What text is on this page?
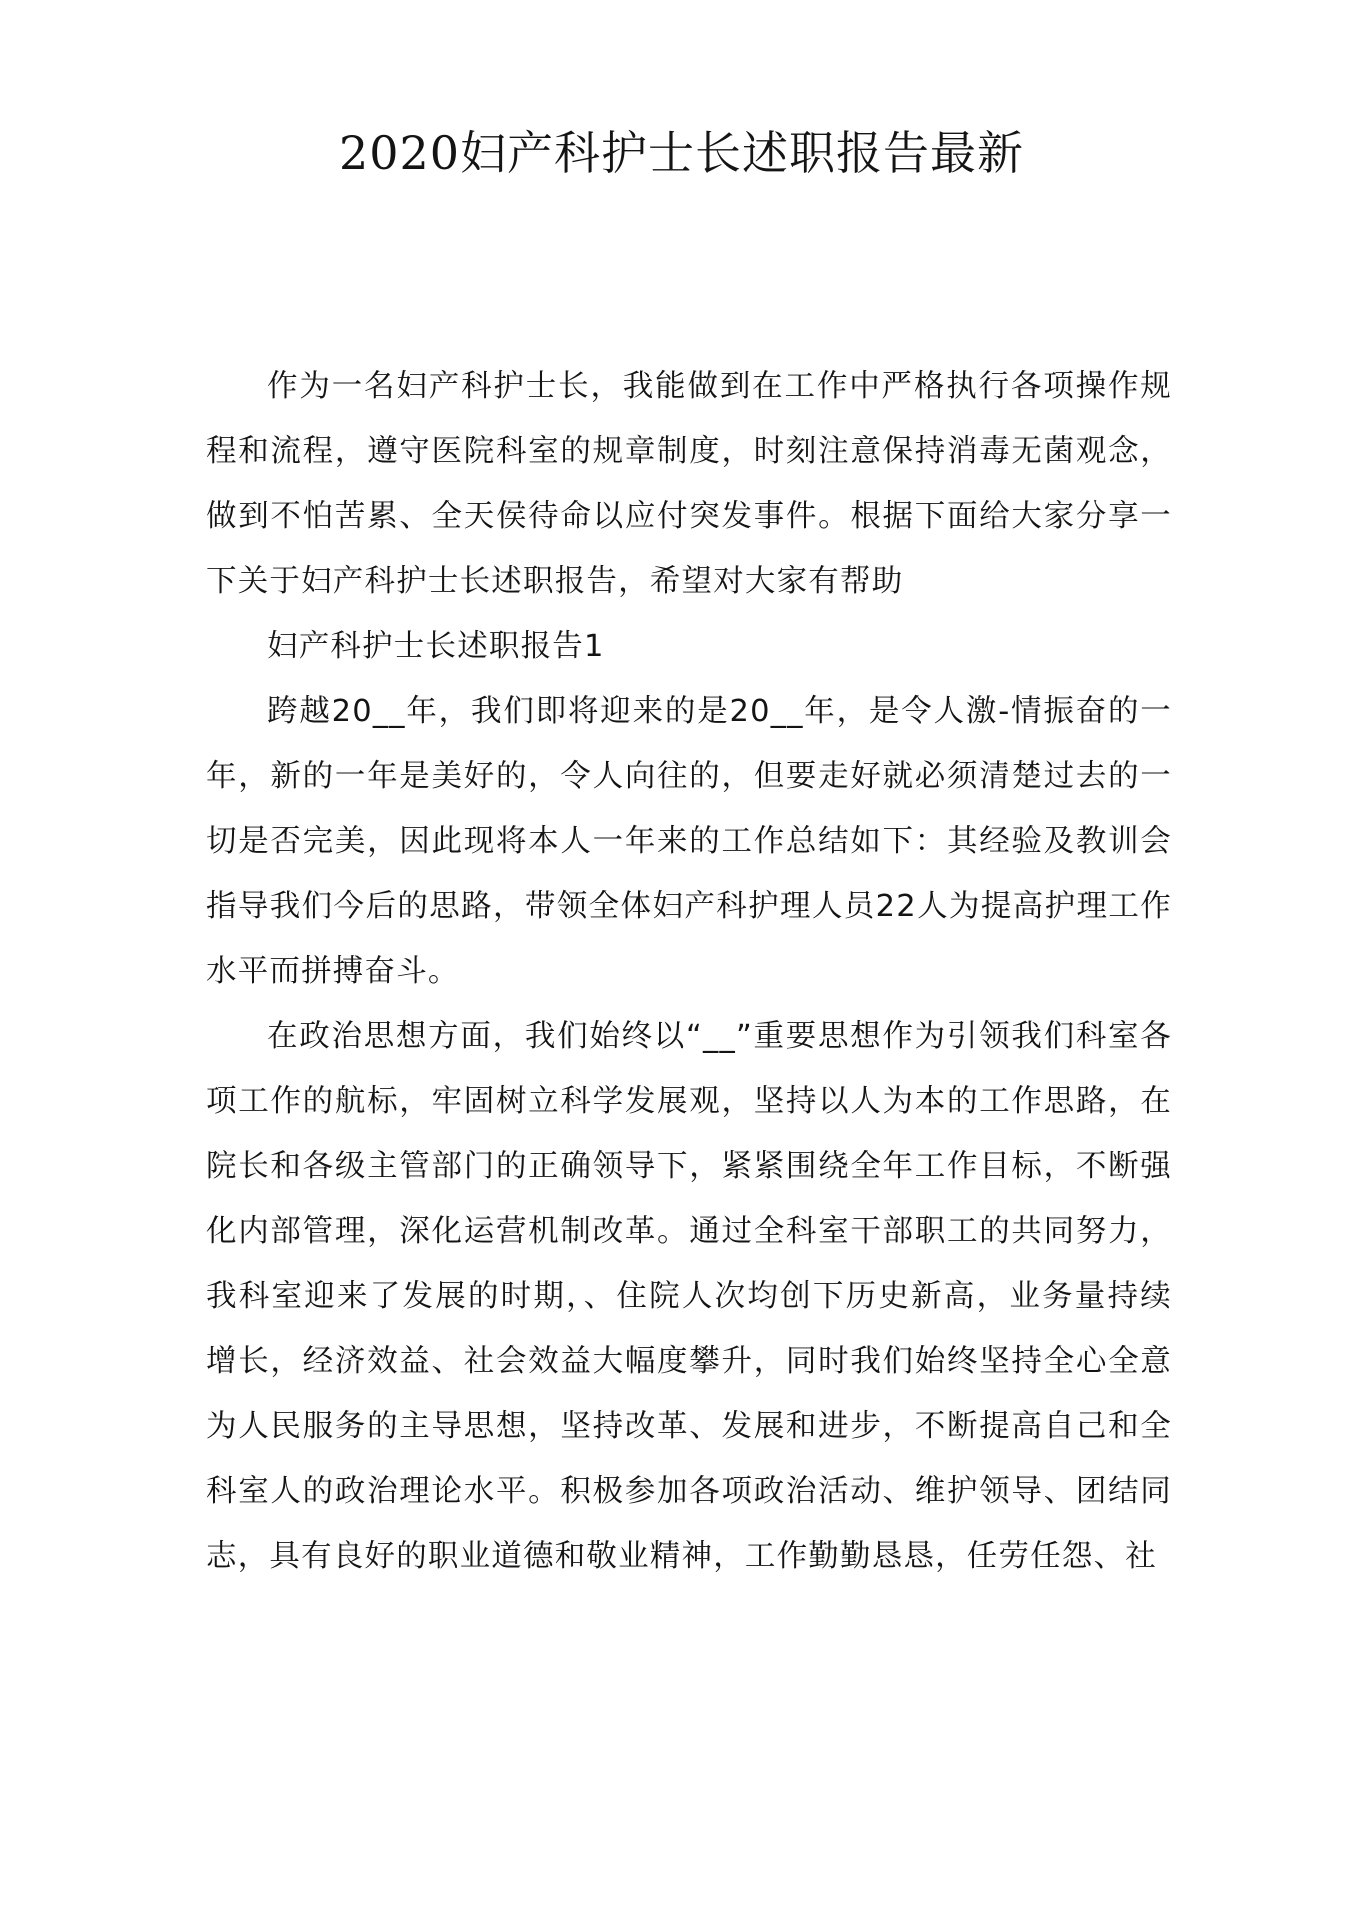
2020妇产科护士长述职报告最新

作为一名妇产科护士长，我能做到在工作中严格执行各项操作规程和流程，遵守医院科室的规章制度，时刻注意保持消毒无菌观念，做到不怕苦累、全天侯待命以应付突发事件。根据下面给大家分享一下关于妇产科护士长述职报告，希望对大家有帮助

妇产科护士长述职报告1

跨越20__年，我们即将迎来的是20__年，是令人激-情振奋的一年，新的一年是美好的，令人向往的，但要走好就必须清楚过去的一切是否完美，因此现将本人一年来的工作总结如下：其经验及教训会指导我们今后的思路，带领全体妇产科护理人员22人为提高护理工作水平而拼搏奋斗。

在政治思想方面，我们始终以“__”重要思想作为引领我们科室各项工作的航标，牢固树立科学发展观，坚持以人为本的工作思路，在院长和各级主管部门的正确领导下，紧紧围绕全年工作目标，不断强化内部管理，深化运营机制改革。通过全科室干部职工的共同努力，我科室迎来了发展的时期，、住院人次均创下历史新高，业务量持续增长，经济效益、社会效益大幅度攀升，同时我们始终坚持全心全意为人民服务的主导思想，坚持改革、发展和进步，不断提高自己和全科室人的政治理论水平。积极参加各项政治活动、维护领导、团结同志，具有良好的职业道德和敬业精神，工作勤勤恳恳，任劳任怨、社
